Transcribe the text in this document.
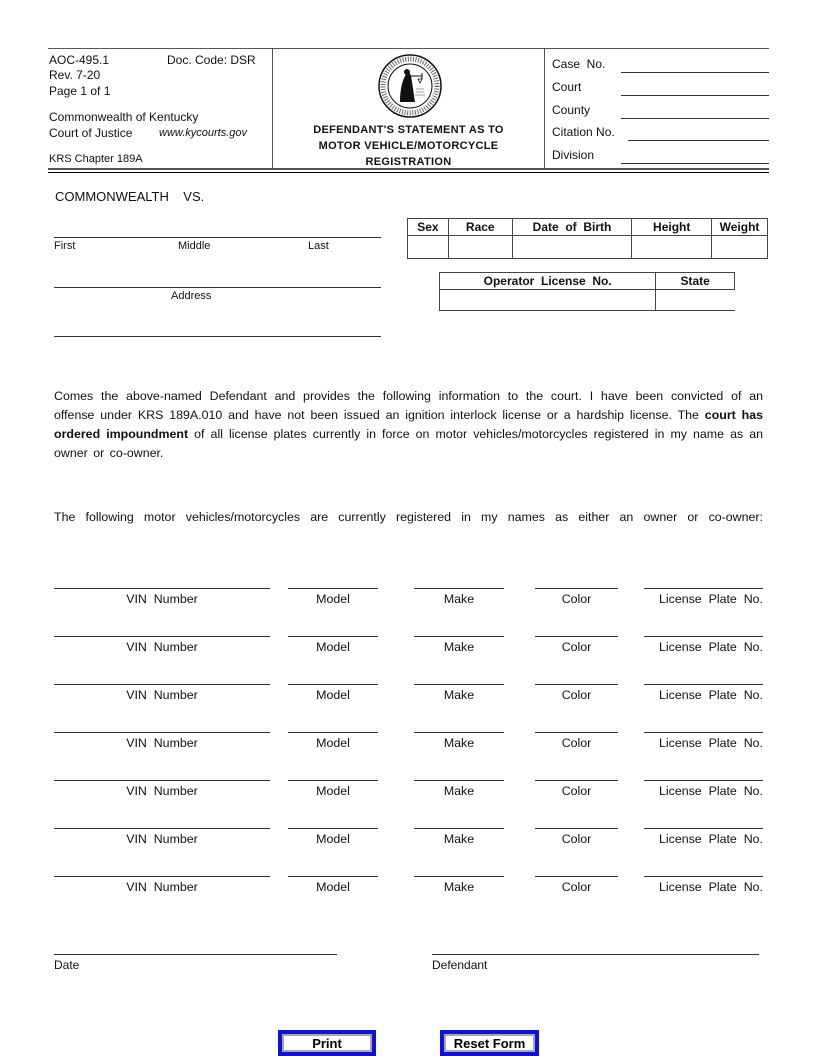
AOC-495.1	Doc. Code: DSR
Rev. 7-20
Page 1 of 1
Commonwealth of Kentucky
Court of Justice www.kycourts.gov
KRS Chapter 189A
DEFENDANT'S STATEMENT AS TO
MOTOR VEHICLE/MOTORCYCLE
REGISTRATION
Case  No.
Court
County
Citation No.
Division
COMMONWEALTH    VS.
First	Middle	Last
Address
Sex	Race	Date  of  Birth	Height	Weight

Operator  License  No.	State

Comes the above-named Defendant and provides the following information to the court. I have been convicted of an offense under KRS 189A.010 and have not been issued an ignition interlock license or a hardship license. The court has ordered impoundment of all license plates currently in force on motor vehicles/motorcycles registered in my name as an owner or co-owner.
The following motor vehicles/motorcycles are currently registered in my names as either an owner or co-owner:
VIN  Number	Model	Make	Color	License  Plate  No.
VIN  Number	Model	Make	Color	License  Plate  No.
VIN  Number	Model	Make	Color	License  Plate  No.
VIN  Number	Model	Make	Color	License  Plate  No.
VIN  Number	Model	Make	Color	License  Plate  No.
VIN  Number	Model	Make	Color	License  Plate  No.
VIN  Number	Model	Make	Color	License  Plate  No.
Date	Defendant
Print	Reset Form
